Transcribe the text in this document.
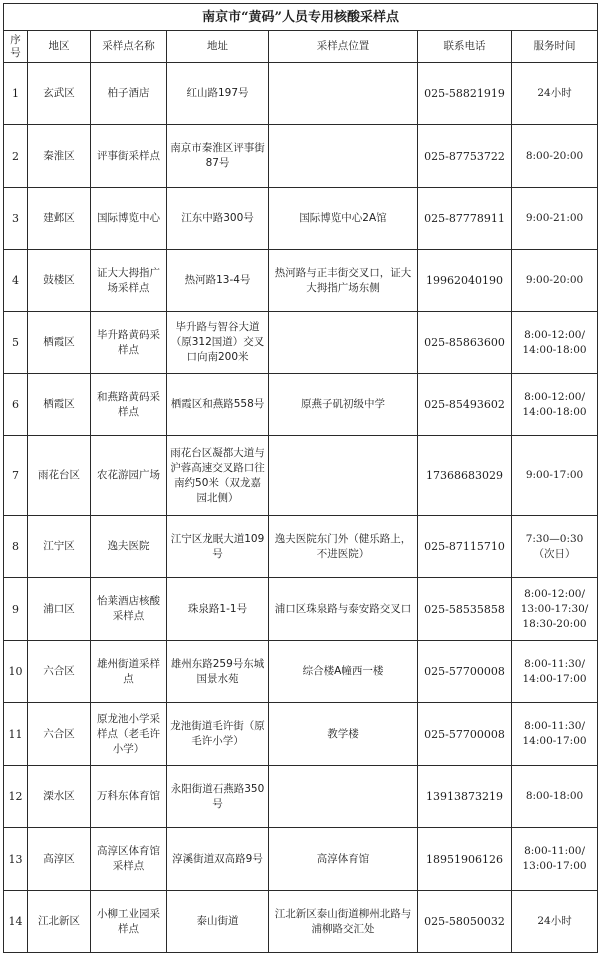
南京市“黄码”人员专用核酸采样点						
序号	地区	采样点名称	地址	采样点位置	联系电话	服务时间
1	玄武区	柏子酒店	红山路197号		025-58821919	24小时
2	秦淮区	评事街采样点	南京市秦淮区评事街87号		025-87753722	8:00-20:00
3	建邺区	国际博览中心	江东中路300号	国际博览中心2A馆	025-87778911	9:00-21:00
4	鼓楼区	证大大拇指广场采样点	热河路13-4号	热河路与正丰街交叉口，证大大拇指广场东侧	19962040190	9:00-20:00
5	栖霞区	毕升路黄码采样点	毕升路与智谷大道（原312国道）交叉口向南200米		025-85863600	8:00-12:00/
14:00-18:00
6	栖霞区	和燕路黄码采样点	栖霞区和燕路558号	原燕子矶初级中学	025-85493602	8:00-12:00/
14:00-18:00
7	雨花台区	农花游园广场	雨花台区凝都大道与沪蓉高速交叉路口往南约50米（双龙嘉园北侧）		17368683029	9:00-17:00
8	江宁区	逸夫医院	江宁区龙眠大道109号	逸夫医院东门外（健乐路上，不进医院）	025-87115710	7:30—0:30
（次日）
9	浦口区	怡莱酒店核酸采样点	珠泉路1-1号	浦口区珠泉路与泰安路交叉口	025-58535858	8:00-12:00/
13:00-17:30/
18:30-20:00
10	六合区	雄州街道采样点	雄州东路259号东城国景水苑	综合楼A幢西一楼	025-57700008	8:00-11:30/
14:00-17:00
11	六合区	原龙池小学采样点（老毛许小学）	龙池街道毛许街（原毛许小学）	教学楼	025-57700008	8:00-11:30/
14:00-17:00
12	溧水区	万科东体育馆	永阳街道石燕路350号		13913873219	8:00-18:00
13	高淳区	高淳区体育馆采样点	淳溪街道双高路9号	高淳体育馆	18951906126	8:00-11:00/
13:00-17:00
14	江北新区	小柳工业园采样点	泰山街道	江北新区泰山街道柳州北路与浦柳路交汇处	025-58050032	24小时
